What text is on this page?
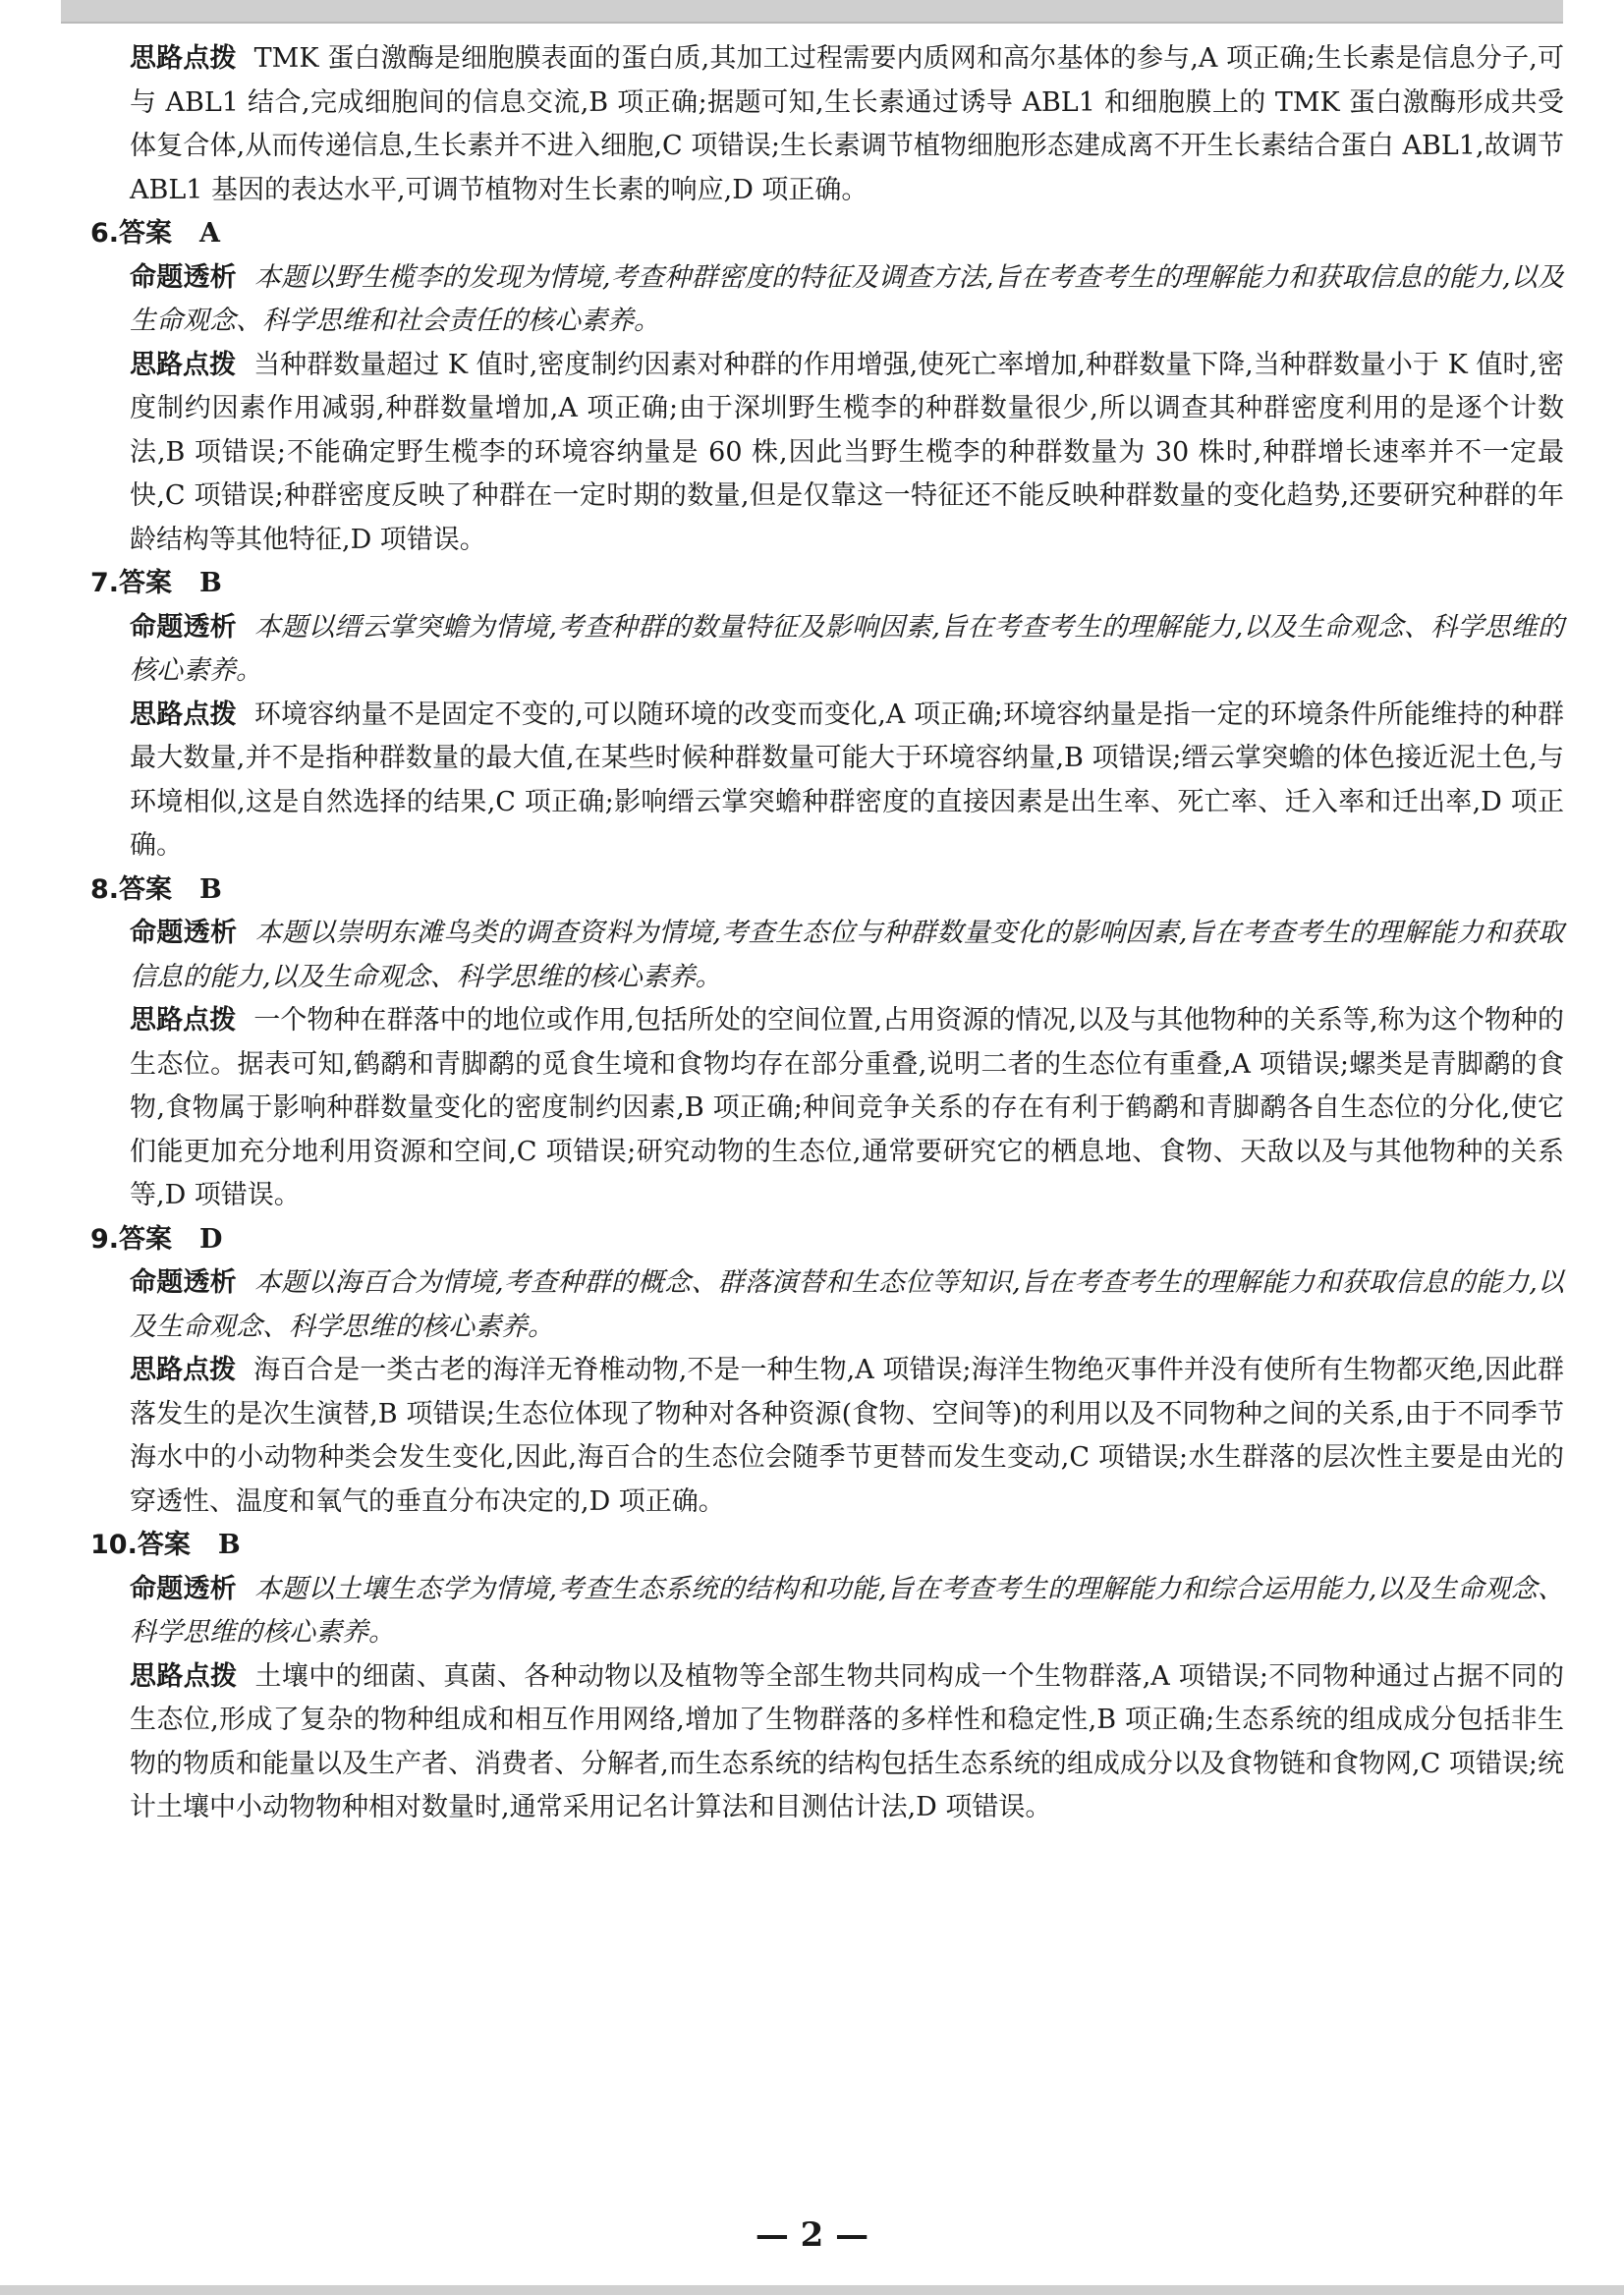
思路点拨 TMK 蛋白激酶是细胞膜表面的蛋白质,其加工过程需要内质网和高尔基体的参与,A 项正确;生长素是信息分子,可与 ABL1 结合,完成细胞间的信息交流,B 项正确;据题可知,生长素通过诱导 ABL1 和细胞膜上的 TMK 蛋白激酶形成共受体复合体,从而传递信息,生长素并不进入细胞,C 项错误;生长素调节植物细胞形态建成离不开生长素结合蛋白 ABL1,故调节 ABL1 基因的表达水平,可调节植物对生长素的响应,D 项正确。

6.答案 A

命题透析 本题以野生榄李的发现为情境,考查种群密度的特征及调查方法,旨在考查考生的理解能力和获取信息的能力,以及生命观念、科学思维和社会责任的核心素养。

思路点拨 当种群数量超过 K 值时,密度制约因素对种群的作用增强,使死亡率增加,种群数量下降,当种群数量小于 K 值时,密度制约因素作用减弱,种群数量增加,A 项正确;由于深圳野生榄李的种群数量很少,所以调查其种群密度利用的是逐个计数法,B 项错误;不能确定野生榄李的环境容纳量是 60 株,因此当野生榄李的种群数量为 30 株时,种群增长速率并不一定最快,C 项错误;种群密度反映了种群在一定时期的数量,但是仅靠这一特征还不能反映种群数量的变化趋势,还要研究种群的年龄结构等其他特征,D 项错误。

7.答案 B

命题透析 本题以缙云掌突蟾为情境,考查种群的数量特征及影响因素,旨在考查考生的理解能力,以及生命观念、科学思维的核心素养。

思路点拨 环境容纳量不是固定不变的,可以随环境的改变而变化,A 项正确;环境容纳量是指一定的环境条件所能维持的种群最大数量,并不是指种群数量的最大值,在某些时候种群数量可能大于环境容纳量,B 项错误;缙云掌突蟾的体色接近泥土色,与环境相似,这是自然选择的结果,C 项正确;影响缙云掌突蟾种群密度的直接因素是出生率、死亡率、迁入率和迁出率,D 项正确。

8.答案 B

命题透析 本题以崇明东滩鸟类的调查资料为情境,考查生态位与种群数量变化的影响因素,旨在考查考生的理解能力和获取信息的能力,以及生命观念、科学思维的核心素养。

思路点拨 一个物种在群落中的地位或作用,包括所处的空间位置,占用资源的情况,以及与其他物种的关系等,称为这个物种的生态位。据表可知,鹤鹬和青脚鹬的觅食生境和食物均存在部分重叠,说明二者的生态位有重叠,A 项错误;螺类是青脚鹬的食物,食物属于影响种群数量变化的密度制约因素,B 项正确;种间竞争关系的存在有利于鹤鹬和青脚鹬各自生态位的分化,使它们能更加充分地利用资源和空间,C 项错误;研究动物的生态位,通常要研究它的栖息地、食物、天敌以及与其他物种的关系等,D 项错误。

9.答案 D

命题透析 本题以海百合为情境,考查种群的概念、群落演替和生态位等知识,旨在考查考生的理解能力和获取信息的能力,以及生命观念、科学思维的核心素养。

思路点拨 海百合是一类古老的海洋无脊椎动物,不是一种生物,A 项错误;海洋生物绝灭事件并没有使所有生物都灭绝,因此群落发生的是次生演替,B 项错误;生态位体现了物种对各种资源(食物、空间等)的利用以及不同物种之间的关系,由于不同季节海水中的小动物种类会发生变化,因此,海百合的生态位会随季节更替而发生变动,C 项错误;水生群落的层次性主要是由光的穿透性、温度和氧气的垂直分布决定的,D 项正确。

10.答案 B

命题透析 本题以土壤生态学为情境,考查生态系统的结构和功能,旨在考查考生的理解能力和综合运用能力,以及生命观念、科学思维的核心素养。

思路点拨 土壤中的细菌、真菌、各种动物以及植物等全部生物共同构成一个生物群落,A 项错误;不同物种通过占据不同的生态位,形成了复杂的物种组成和相互作用网络,增加了生物群落的多样性和稳定性,B 项正确;生态系统的组成成分包括非生物的物质和能量以及生产者、消费者、分解者,而生态系统的结构包括生态系统的组成成分以及食物链和食物网,C 项错误;统计土壤中小动物物种相对数量时,通常采用记名计算法和目测估计法,D 项错误。

— 2 —
